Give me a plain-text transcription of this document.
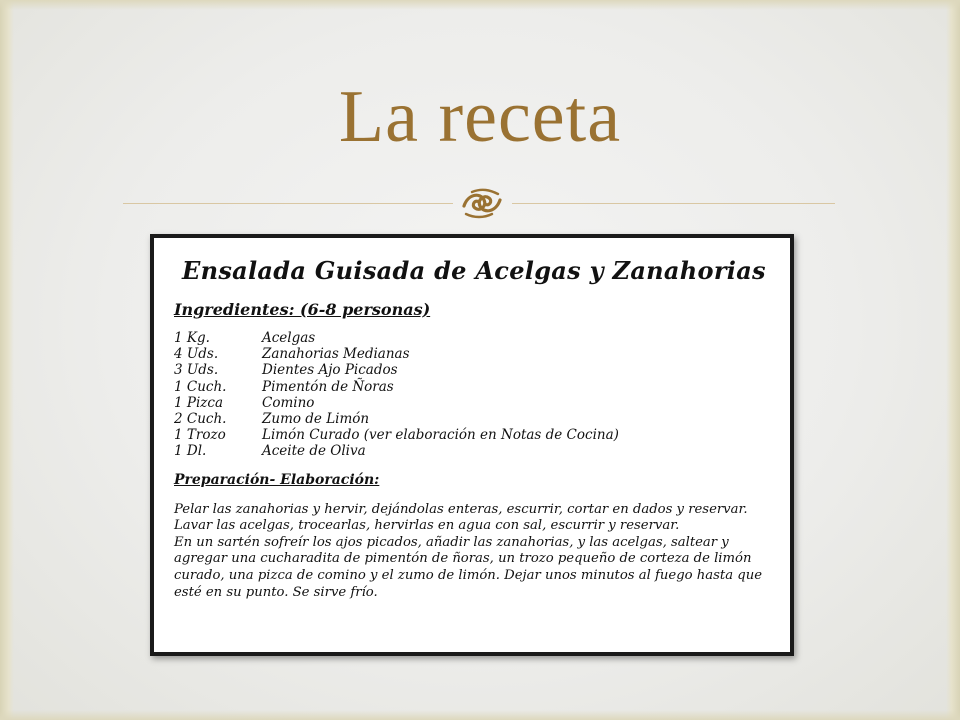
La receta
Ensalada Guisada de Acelgas y Zanahorias
Ingredientes: (6-8 personas)
1 Kg.	Acelgas
4 Uds.	Zanahorias Medianas
3 Uds.	Dientes Ajo Picados
1 Cuch.	Pimentón de Ñoras
1 Pizca	Comino
2 Cuch.	Zumo de Limón
1 Trozo	Limón Curado (ver elaboración en Notas de Cocina)
1 Dl.	Aceite de Oliva
Preparación- Elaboración:

Pelar las zanahorias y hervir, dejándolas enteras, escurrir, cortar en dados y reservar. Lavar las acelgas, trocearlas, hervirlas en agua con sal, escurrir y reservar.

En un sartén sofreír los ajos picados, añadir las zanahorias, y las acelgas, saltear y agregar una cucharadita de pimentón de ñoras, un trozo pequeño de corteza de limón curado, una pizca de comino y el zumo de limón. Dejar unos minutos al fuego hasta que esté en su punto. Se sirve frío.
